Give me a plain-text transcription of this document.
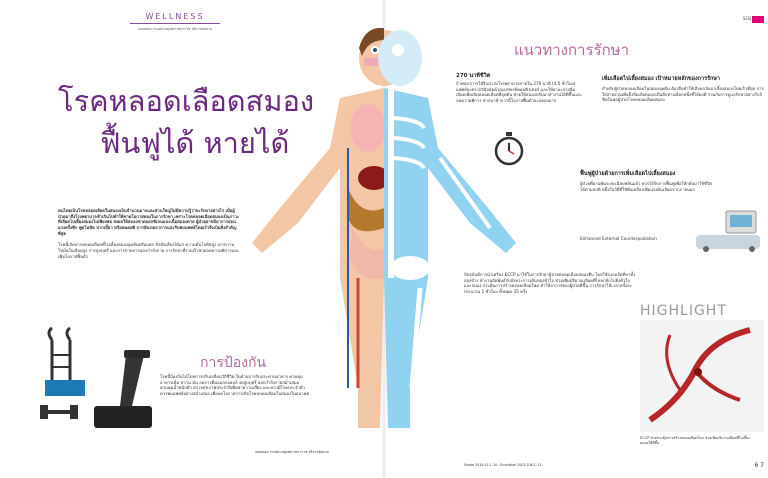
WELLNESS
เพลงทอง ร่วมพระสมุททราสภาราช อริจารย์สยาม
โรคหลอดเลือดสมอง
ฟื้นฟูได้ หายได้
คนไทยเป็นโรคหลอดเลือดในสมองเป็นจำนวนมากและส่วนใหญ่ไม่มีความรู้ว่าจะรักษาอย่างไร เมื่อผู้ป่วยมาถึงโรงพยาบาลช้าเกินไปทำให้ขาดโอกาสทองในการรักษา เพราะโรคหลอดเลือดสมองเป็นภาวะที่เลือดไปเลี้ยงสมองไม่เพียงพอ ส่งผลให้สมองขาดออกซิเจนและเนื้อสมองตาย ผู้ป่วยอาจมีอาการอ่อนแรงครึ่งซีก พูดไม่ชัด ปากเบี้ยว หรือหมดสติ การสังเกตอาการและรีบพบแพทย์โดยเร็วจึงเป็นสิ่งสำคัญที่สุด

โรคนี้เกิดจากหลอดเลือดที่ไปเลี้ยงสมองอุดตันหรือแตก ปัจจัยเสี่ยงได้แก่ ความดันโลหิตสูง เบาหวาน ไขมันในเลือดสูง การสูบบุหรี่ และการขาดการออกกำลังกาย การรักษาที่รวดเร็วช่วยลดความพิการและเพิ่มโอกาสฟื้นตัว
การป้องกัน
โรคนี้ป้องกันได้โดยการปรับเปลี่ยนวิถีชีวิต ในด้านการรับประทานอาหาร ควบคุมอาหารเค็ม หวาน มัน ลดการดื่มแอลกอฮอล์ งดสูบบุหรี่ ออกกำลังกายสม่ำเสมอ ควบคุมน้ำหนักตัว ตรวจสุขภาพประจำปีเพื่อหาความเสี่ยง และหากมีโรคประจำตัวควรพบแพทย์อย่างสม่ำเสมอ เพื่อลดโอกาสการเกิดโรคหลอดเลือดในสมองในอนาคต
เพลงทอง ร่วมพระสมุททราสภาราช อริจารย์สยาม
SCB
แนวทางการรักษา
270 นาทีชีวิต
ถ้าพบอาการให้รีบนำส่งโรงพยาบาลภายใน 270 นาที (4.5 ชั่วโมง) แพทย์จะตรวจวินิจฉัยด้วยเอกซเรย์คอมพิวเตอร์ และให้ยาละลายลิ่มเลือดเพื่อเปิดหลอดเลือดที่อุดตัน ช่วยให้สมองกลับมาทำงานได้ดีขึ้นและลดความพิการ หากมาช้ากว่านี้โอกาสฟื้นตัวจะลดลงมาก
เพิ่มเลือดไปเลี้ยงสมอง เป้าหมายหลักของการรักษา
สำหรับผู้ป่วยหลอดเลือดในสมองอุดตัน ต้องรีบทำให้เลือดกลับมาเลี้ยงสมองโดยเร็วที่สุด การใส่สายสวนเพื่อดึงลิ่มเลือดออกเป็นอีกทางเลือกหนึ่งที่ได้ผลดี ร่วมกับการดูแลรักษาอย่างใกล้ชิดในหอผู้ป่วยโรคหลอดเลือดสมอง
ฟื้นฟูผู้ป่วยด้วยการเพิ่มเลือดไปเลี้ยงสมอง
ผู้ป่วยที่ผ่านพ้นระยะเฉียบพลันแล้ว ควรได้รับการฟื้นฟูเพื่อให้กลับมาใช้ชีวิตได้ตามปกติ หนึ่งในวิธีที่ใช้คือเครื่องเพิ่มแรงดันเลือดจากภายนอก
Enhanced External Counterpulsation
ปัจจุบันมีการนำเครื่อง ECCP มาใช้ในการรักษาผู้ป่วยหลอดเลือดสมองตีบ โดยใช้ถุงลมรัดที่ขาทั้งสองข้าง ทำงานสัมพันธ์กับจังหวะการเต้นของหัวใจ ช่วยเพิ่มปริมาณเลือดที่ไหลกลับไปยังหัวใจและสมอง กระตุ้นการสร้างหลอดเลือดใหม่ ทำให้อาการของผู้ป่วยดีขึ้น การรักษาใช้เวลาครั้งละประมาณ 1 ชั่วโมง ทั้งหมด 35 ครั้ง
Stroke 2010;41:1–10. Circulation 2002;108:1–11.
ECCP ช่วยกระตุ้นการสร้างหลอดเลือดใหม่ ช่วยเพิ่มปริมาณเลือดที่ไปเลี้ยงสมองให้ดีขึ้น
6 7
HIGHLIGHT
